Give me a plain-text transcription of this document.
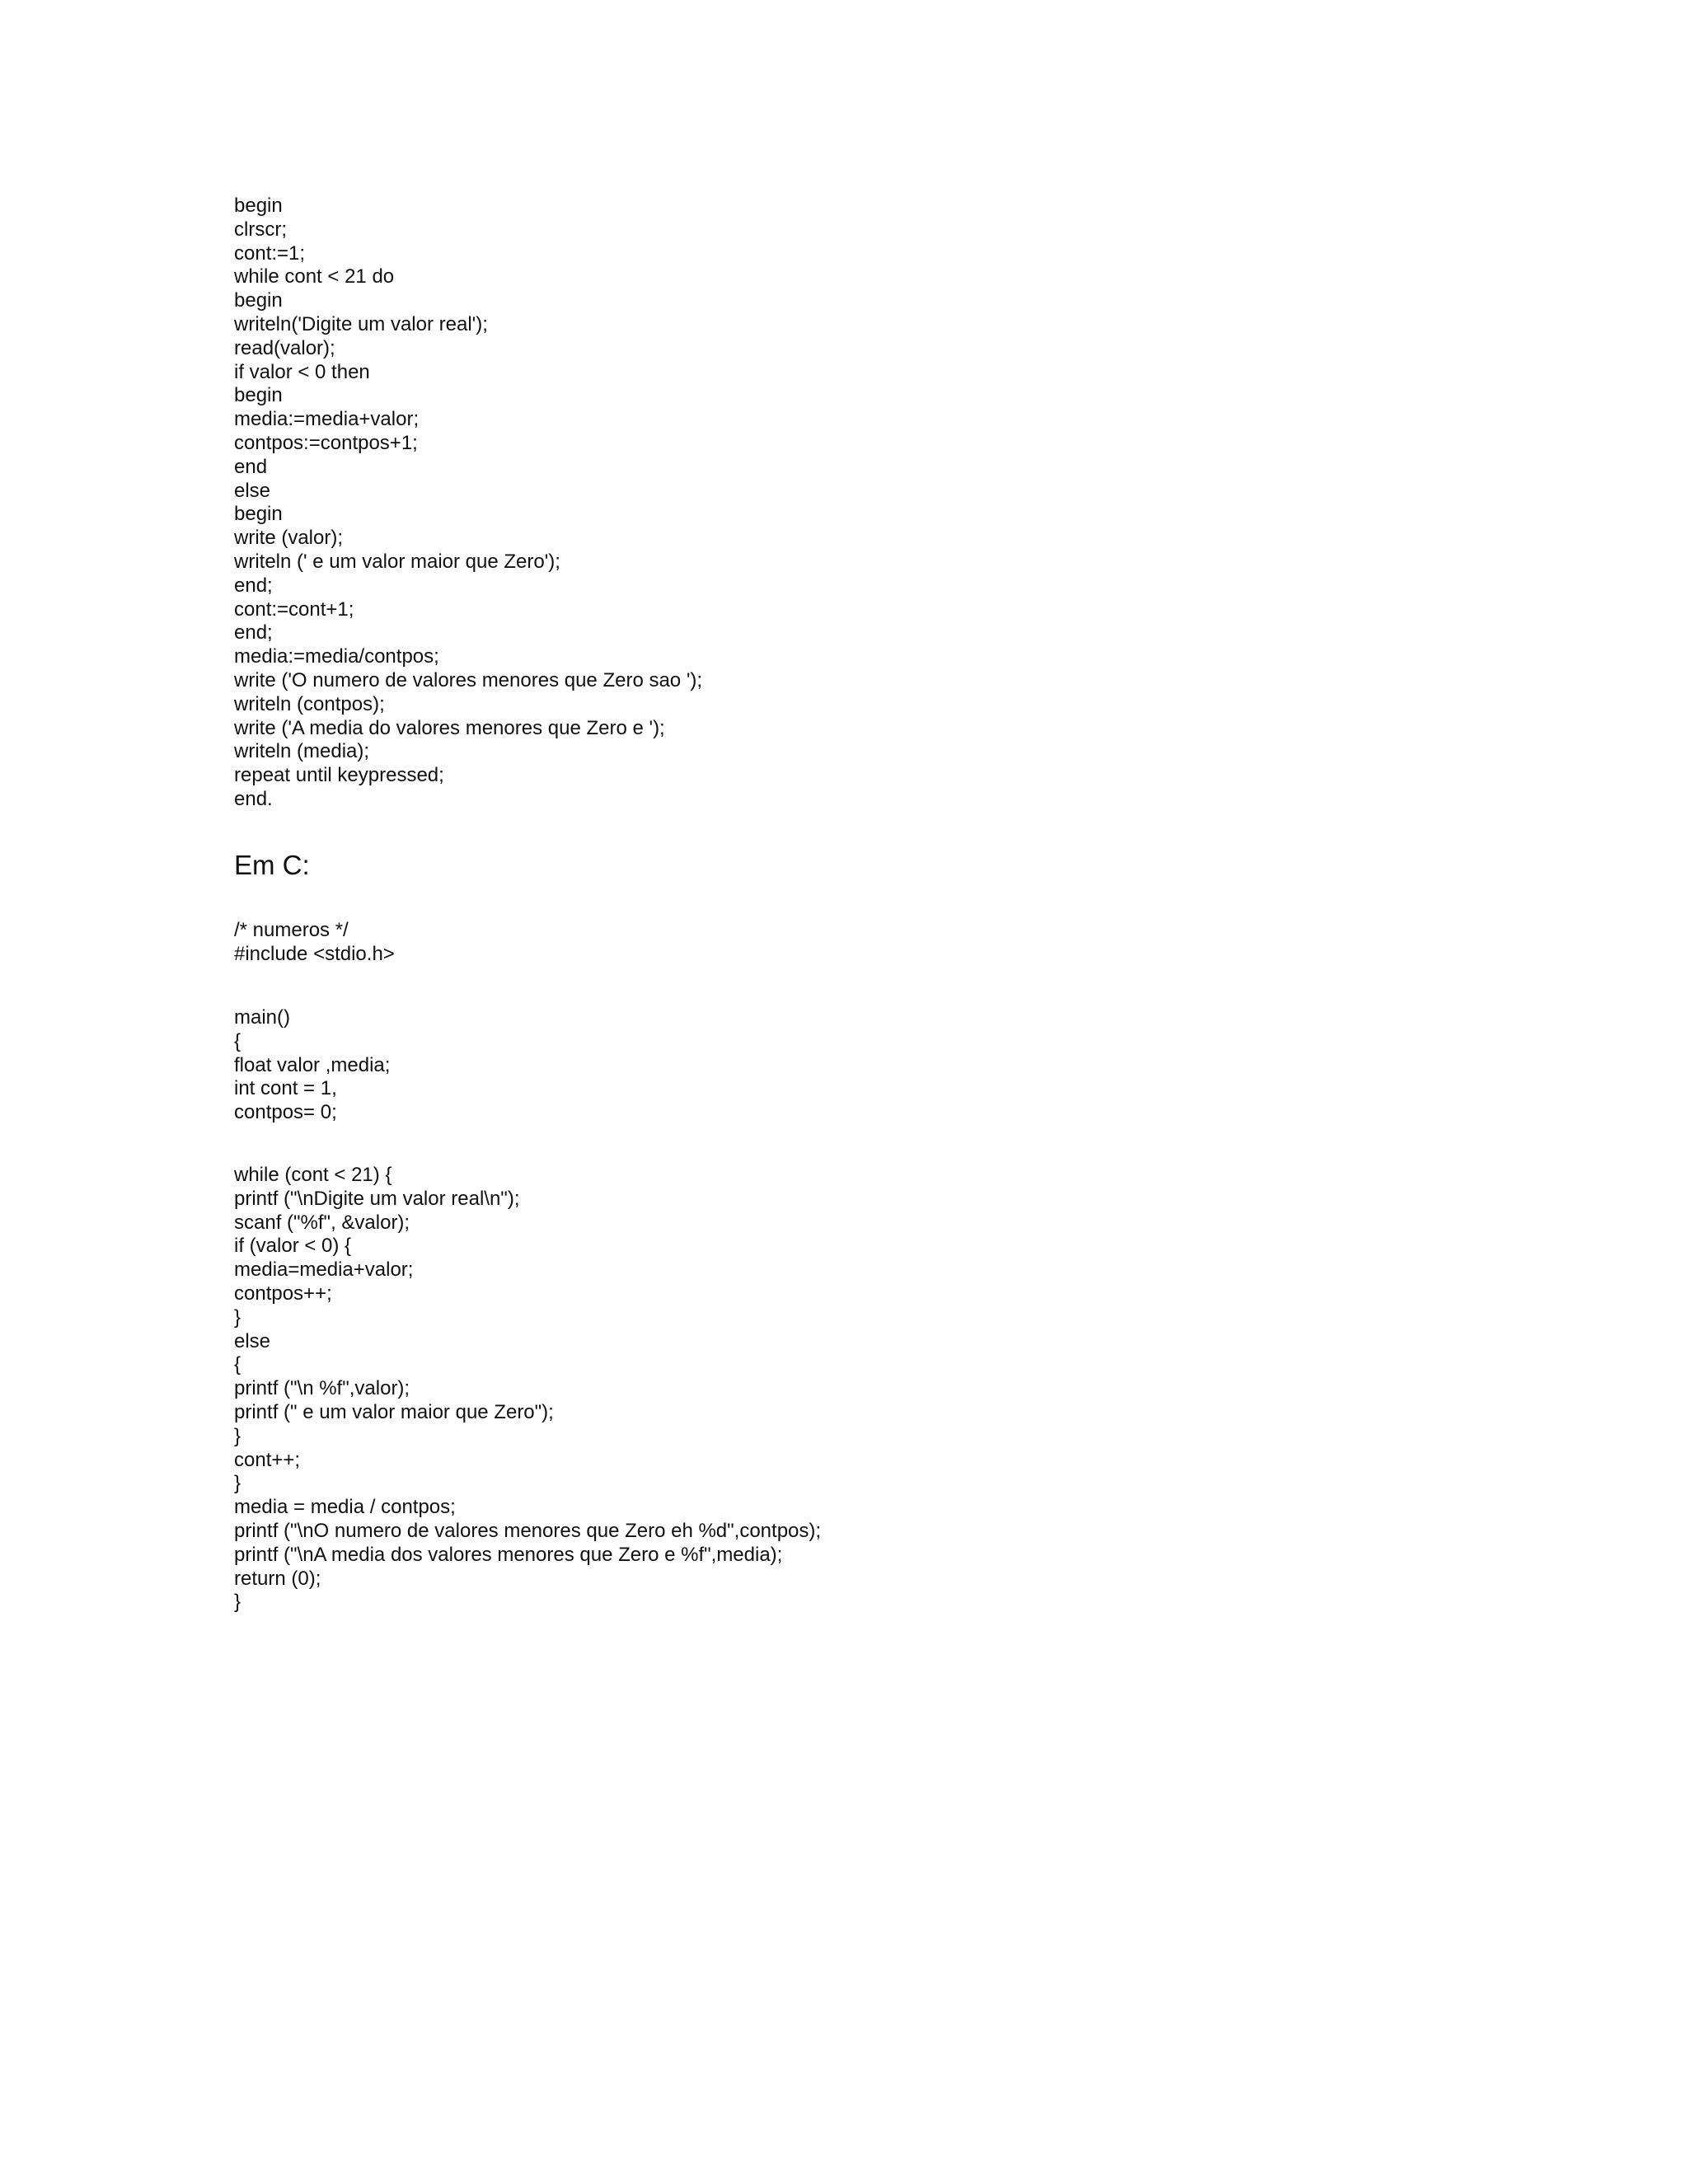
begin
clrscr;
cont:=1;
while cont < 21 do
begin
writeln('Digite um valor real');
read(valor);
if valor < 0 then
begin
media:=media+valor;
contpos:=contpos+1;
end
else
begin
write (valor);
writeln (' e um valor maior que Zero');
end;
cont:=cont+1;
end;
media:=media/contpos;
write ('O numero de valores menores que Zero sao ');
writeln (contpos);
write ('A media do valores menores que Zero e ');
writeln (media);
repeat until keypressed;
end.
Em C:
/* numeros */
#include <stdio.h>
main()
{
float valor ,media;
int cont = 1,
contpos= 0;
while (cont < 21) {
printf ("\nDigite um valor real\n");
scanf ("%f", &valor);
if (valor < 0) {
media=media+valor;
contpos++;
}
else
{
printf ("\n %f",valor);
printf (" e um valor maior que Zero");
}
cont++;
}
media = media / contpos;
printf ("\nO numero de valores menores que Zero eh %d",contpos);
printf ("\nA media dos valores menores que Zero e %f",media);
return (0);
}
